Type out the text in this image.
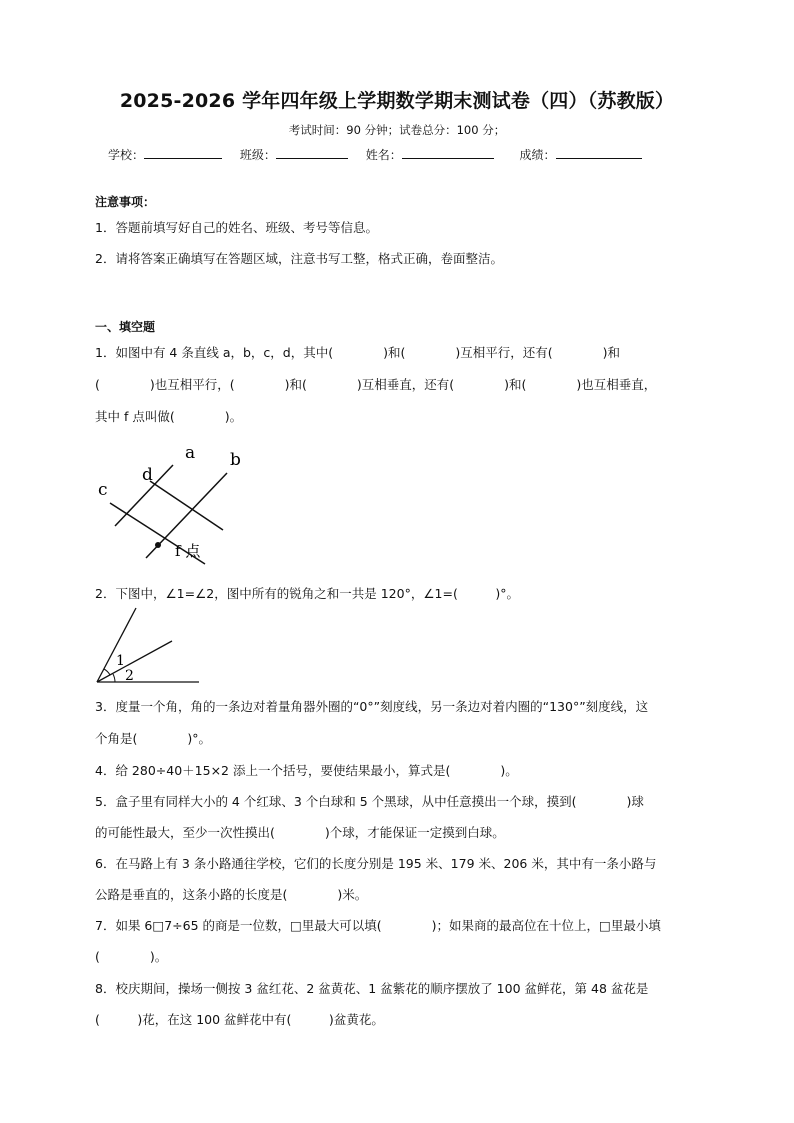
2025-2026 学年四年级上学期数学期末测试卷（四）（苏教版）
考试时间：90 分钟；试卷总分：100 分；
学校：	班级：	姓名：	成绩：
注意事项：
1．答题前填写好自己的姓名、班级、考号等信息。
2．请将答案正确填写在答题区域，注意书写工整，格式正确，卷面整洁。
一、填空题
1．如图中有 4 条直线 a，b，c，d，其中(　　　　)和(　　　　)互相平行，还有(　　　　)和
(　　　　)也互相平行，(　　　　)和(　　　　)互相垂直，还有(　　　　)和(　　　　)也互相垂直，
其中 f 点叫做(　　　　)。
a b
c
d
f 点
2．下图中，∠1=∠2，图中所有的锐角之和一共是 120°，∠1=(　　　)°。
1
2
3．度量一个角，角的一条边对着量角器外圈的“0°”刻度线，另一条边对着内圈的“130°”刻度线，这
个角是(　　　　)°。
4．给 280÷40＋15×2 添上一个括号，要使结果最小，算式是(　　　　)。
5．盒子里有同样大小的 4 个红球、3 个白球和 5 个黑球，从中任意摸出一个球，摸到(　　　　)球
的可能性最大，至少一次性摸出(　　　　)个球，才能保证一定摸到白球。
6．在马路上有 3 条小路通往学校，它们的长度分别是 195 米、179 米、206 米，其中有一条小路与
公路是垂直的，这条小路的长度是(　　　　)米。
7．如果 6□7÷65 的商是一位数，□里最大可以填(　　　　)；如果商的最高位在十位上，□里最小填
(　　　　)。
8．校庆期间，操场一侧按 3 盆红花、2 盆黄花、1 盆紫花的顺序摆放了 100 盆鲜花，第 48 盆花是
(　　　)花，在这 100 盆鲜花中有(　　　)盆黄花。
